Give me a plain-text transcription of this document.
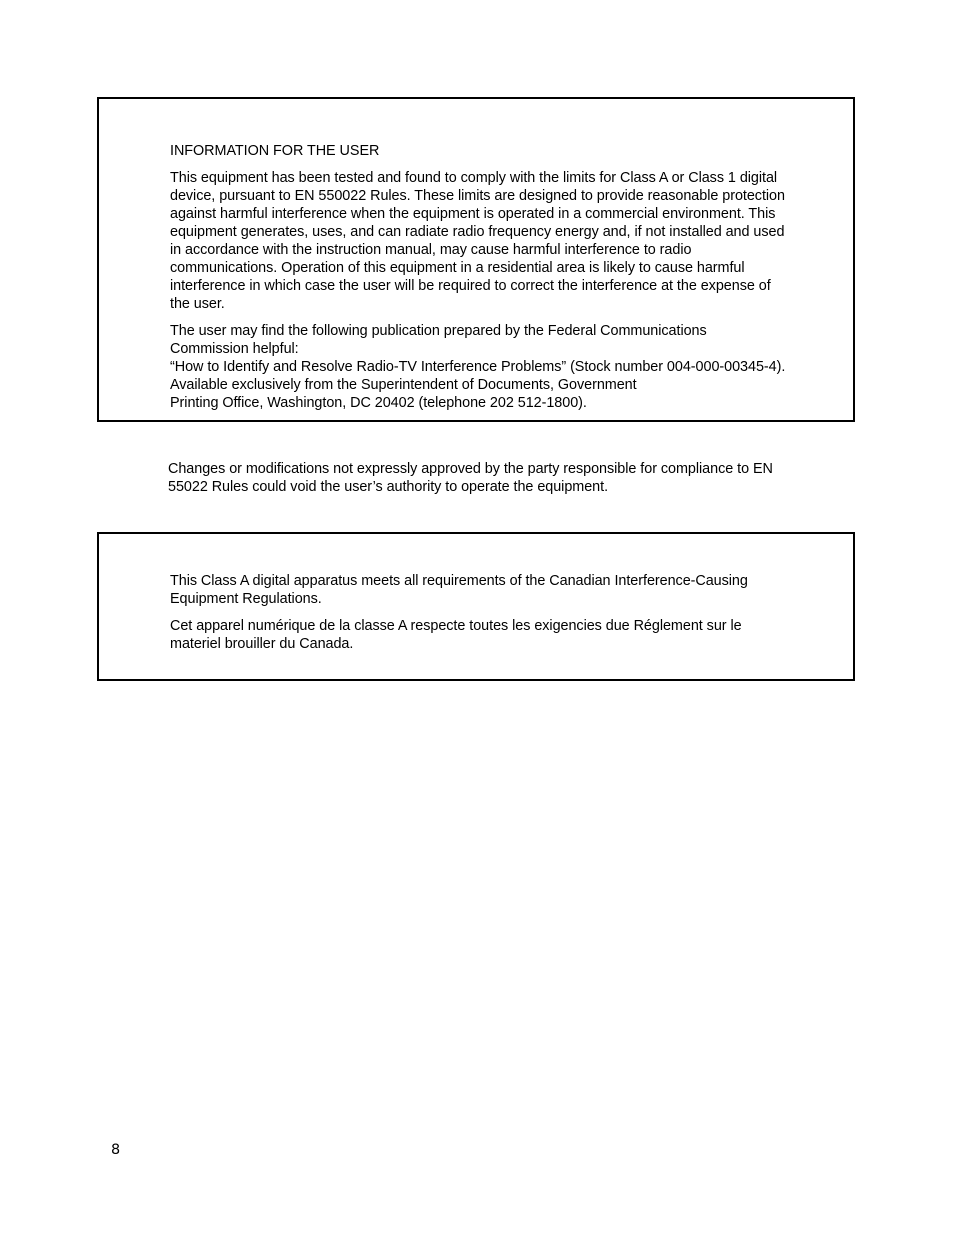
INFORMATION FOR THE USER

This equipment has been tested and found to comply with the limits for Class A or Class 1 digital
device, pursuant to EN 550022 Rules. These limits are designed to provide reasonable protection
against harmful interference when the equipment is operated in a commercial environment. This
equipment generates, uses, and can radiate radio frequency energy and, if not installed and used
in accordance with the instruction manual, may cause harmful interference to radio
communications. Operation of this equipment in a residential area is likely to cause harmful
interference in which case the user will be required to correct the interference at the expense of
the user.

The user may find the following publication prepared by the Federal Communications
Commission helpful:
“How to Identify and Resolve Radio-TV Interference Problems” (Stock number 004-000-00345-4).
Available exclusively from the Superintendent of Documents, Government
Printing Office, Washington, DC 20402 (telephone 202 512-1800).

Changes or modifications not expressly approved by the party responsible for compliance to EN
55022 Rules could void the user’s authority to operate the equipment.

This Class A digital apparatus meets all requirements of the Canadian Interference-Causing
Equipment Regulations.

Cet apparel numérique de la classe A respecte toutes les exigencies due Réglement sur le
materiel brouiller du Canada.

8
